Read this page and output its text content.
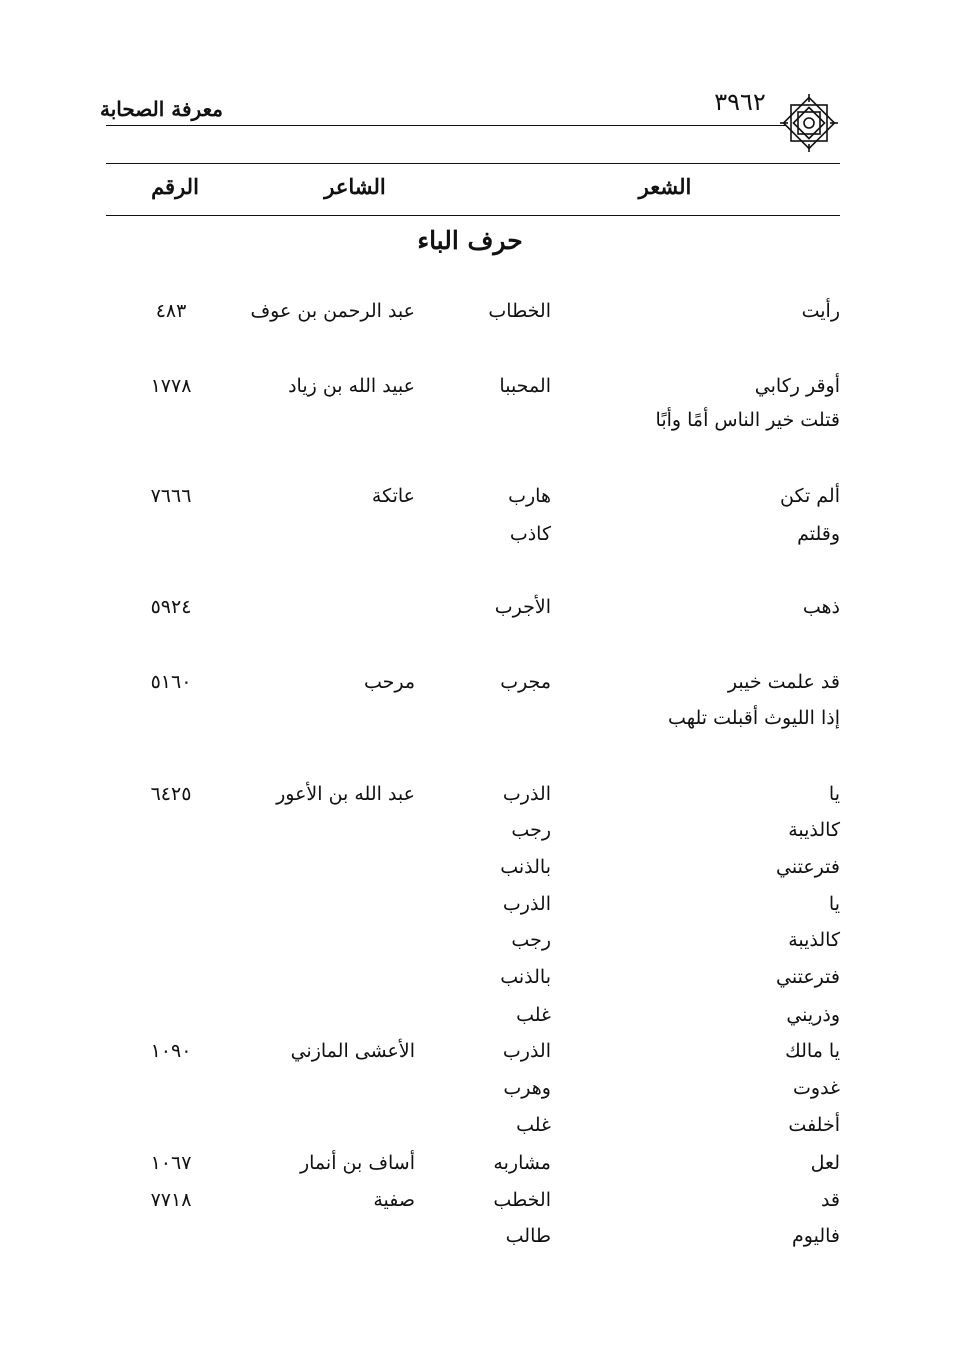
٣٩٦٢
معرفة الصحابة
الشعر
الشاعر
الرقم
حرف الباء
رأيت
الخطاب
عبد الرحمن بن عوف
٤٨٣
أوقر ركابي
المحببا
عبيد الله بن زياد
١٧٧٨
قتلت خير الناس أمًا وأبًا
ألم تكن
هارب
عاتكة
٧٦٦٦
وقلتم
كاذب
ذهب
الأجرب
٥٩٢٤
قد علمت خيبر
مجرب
مرحب
٥١٦٠
إذا الليوث أقبلت تلهب
يا
الذرب
عبد الله بن الأعور
٦٤٢٥
كالذيبة
رجب
فترعتني
بالذنب
يا
الذرب
كالذيبة
رجب
فترعتني
بالذنب
وذريني
غلب
يا مالك
الذرب
الأعشى المازني
١٠٩٠
غدوت
وهرب
أخلفت
غلب
لعل
مشاربه
أساف بن أنمار
١٠٦٧
قد
الخطب
صفية
٧٧١٨
فاليوم
طالب
